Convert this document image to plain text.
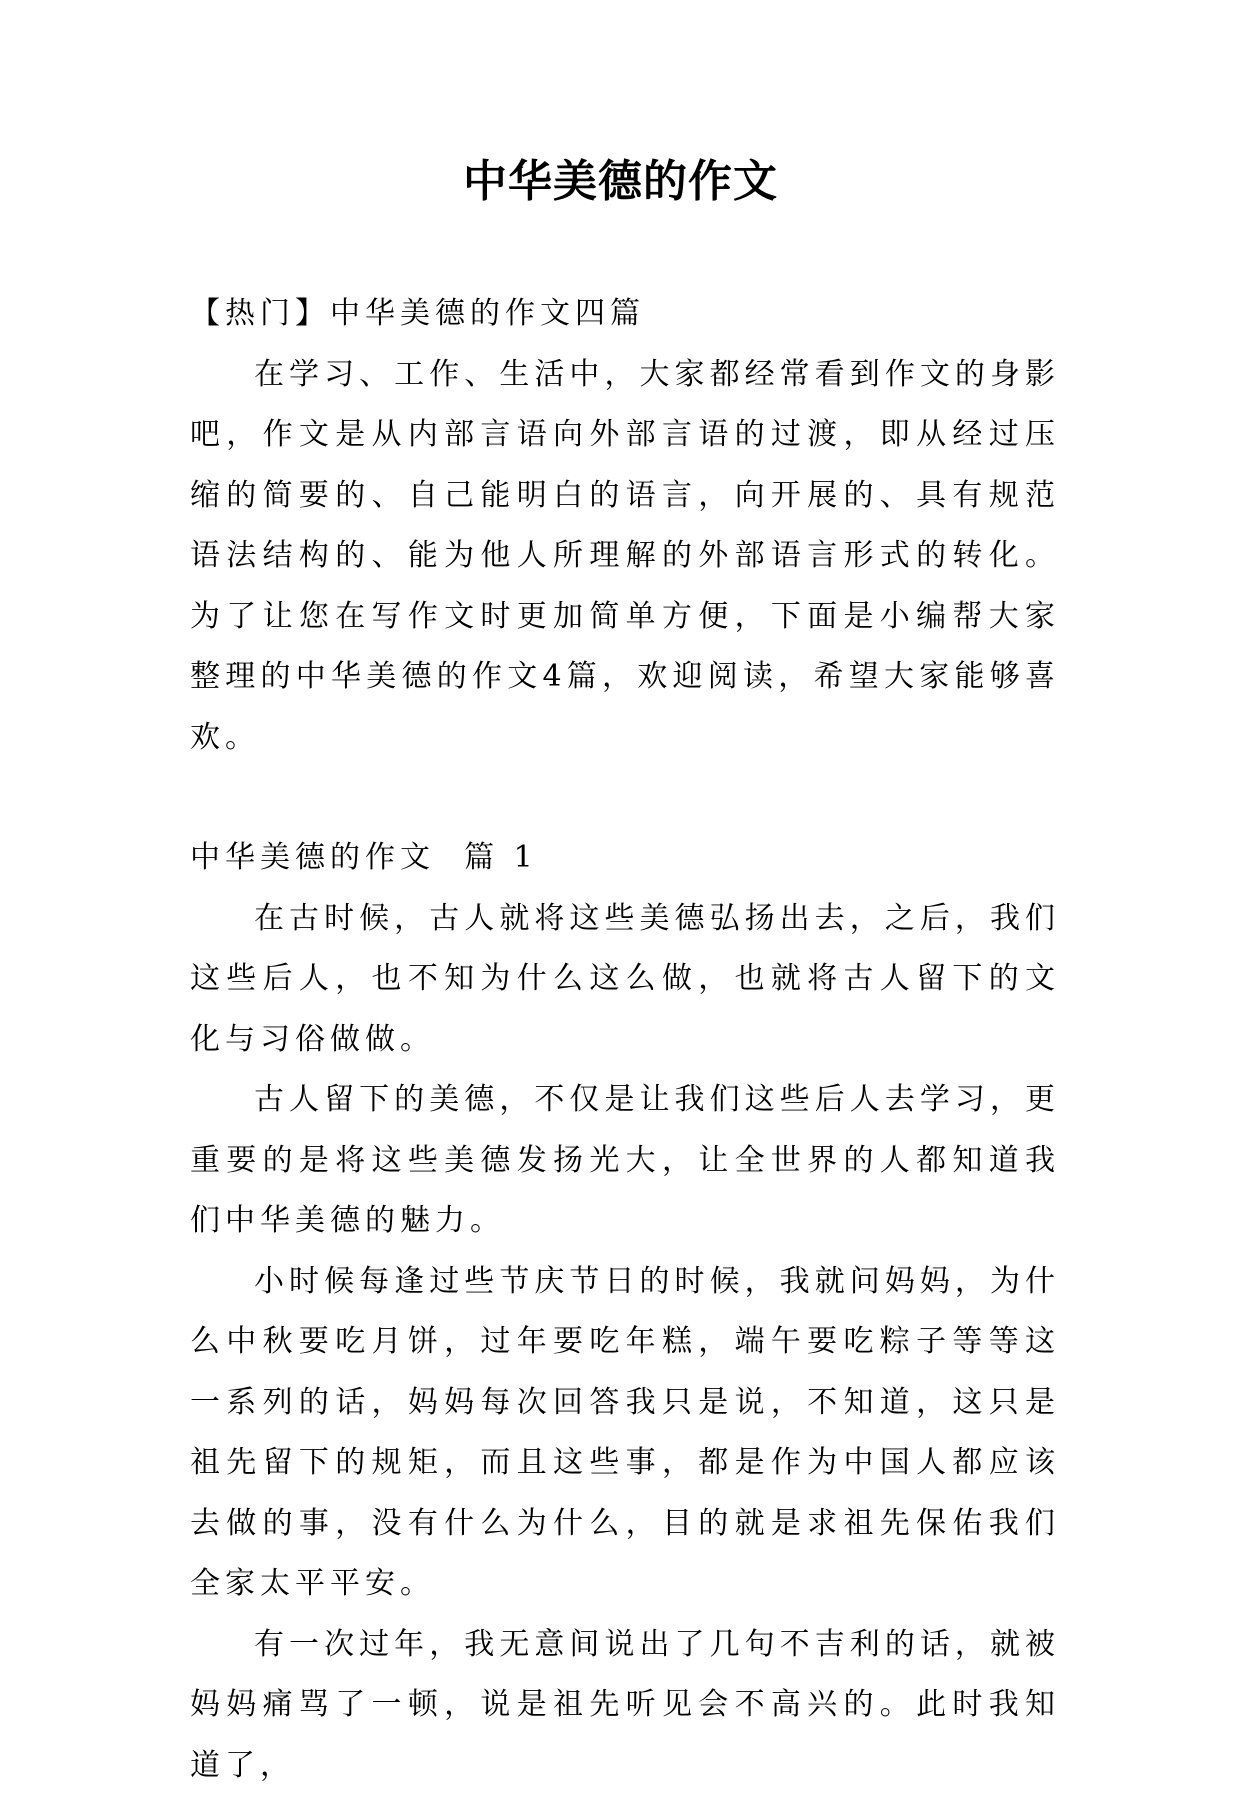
中华美德的作文

【热门】中华美德的作文四篇

在学习、工作、生活中，大家都经常看到作文的身影吧，作文是从内部言语向外部言语的过渡，即从经过压缩的简要的、自己能明白的语言，向开展的、具有规范语法结构的、能为他人所理解的外部语言形式的转化。为了让您在写作文时更加简单方便，下面是小编帮大家整理的中华美德的作文4篇，欢迎阅读，希望大家能够喜欢。

中华美德的作文  篇 1

在古时候，古人就将这些美德弘扬出去，之后，我们这些后人，也不知为什么这么做，也就将古人留下的文化与习俗做做。

古人留下的美德，不仅是让我们这些后人去学习，更重要的是将这些美德发扬光大，让全世界的人都知道我们中华美德的魅力。

小时候每逢过些节庆节日的时候，我就问妈妈，为什么中秋要吃月饼，过年要吃年糕，端午要吃粽子等等这一系列的话，妈妈每次回答我只是说，不知道，这只是祖先留下的规矩，而且这些事，都是作为中国人都应该去做的事，没有什么为什么，目的就是求祖先保佑我们全家太平平安。

有一次过年，我无意间说出了几句不吉利的话，就被妈妈痛骂了一顿，说是祖先听见会不高兴的。此时我知道了，
